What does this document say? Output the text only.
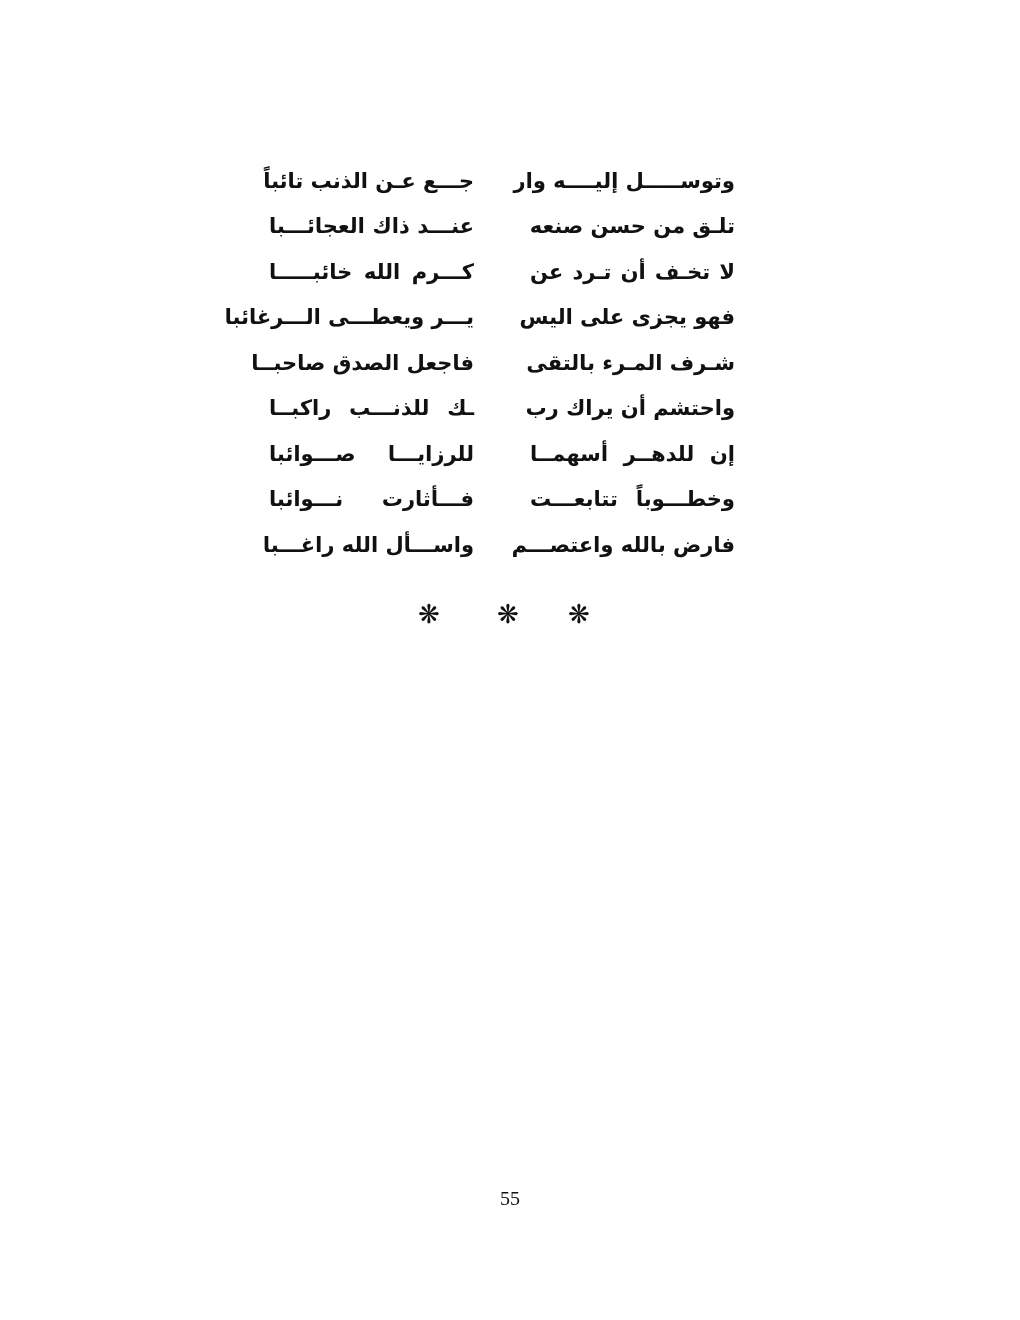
وتوســـــل إليــــه وار
جـــع عـن الذنب تائباً
تلـق من حسن صنعه
عنـــد ذاك العجائـــبا
لا تخـف أن تـرد عن
كـــرم الله خائبـــــا
فهو يجزى على اليس
يـــر ويعطـــى الـــرغائبا
شـرف المـرء بالتقى
فاجعل الصدق صاحبــا
واحتشم أن يراك رب
ـك للذنـــب راكبــا
إن للدهــر أسهمــا
للرزايـــا صـــوائبا
وخطـــوباً تتابعـــت
فـــأثارت نـــوائبا
فارض بالله واعتصـــم
واســـأل الله راغـــبا
❋ ❋ ❋
55
